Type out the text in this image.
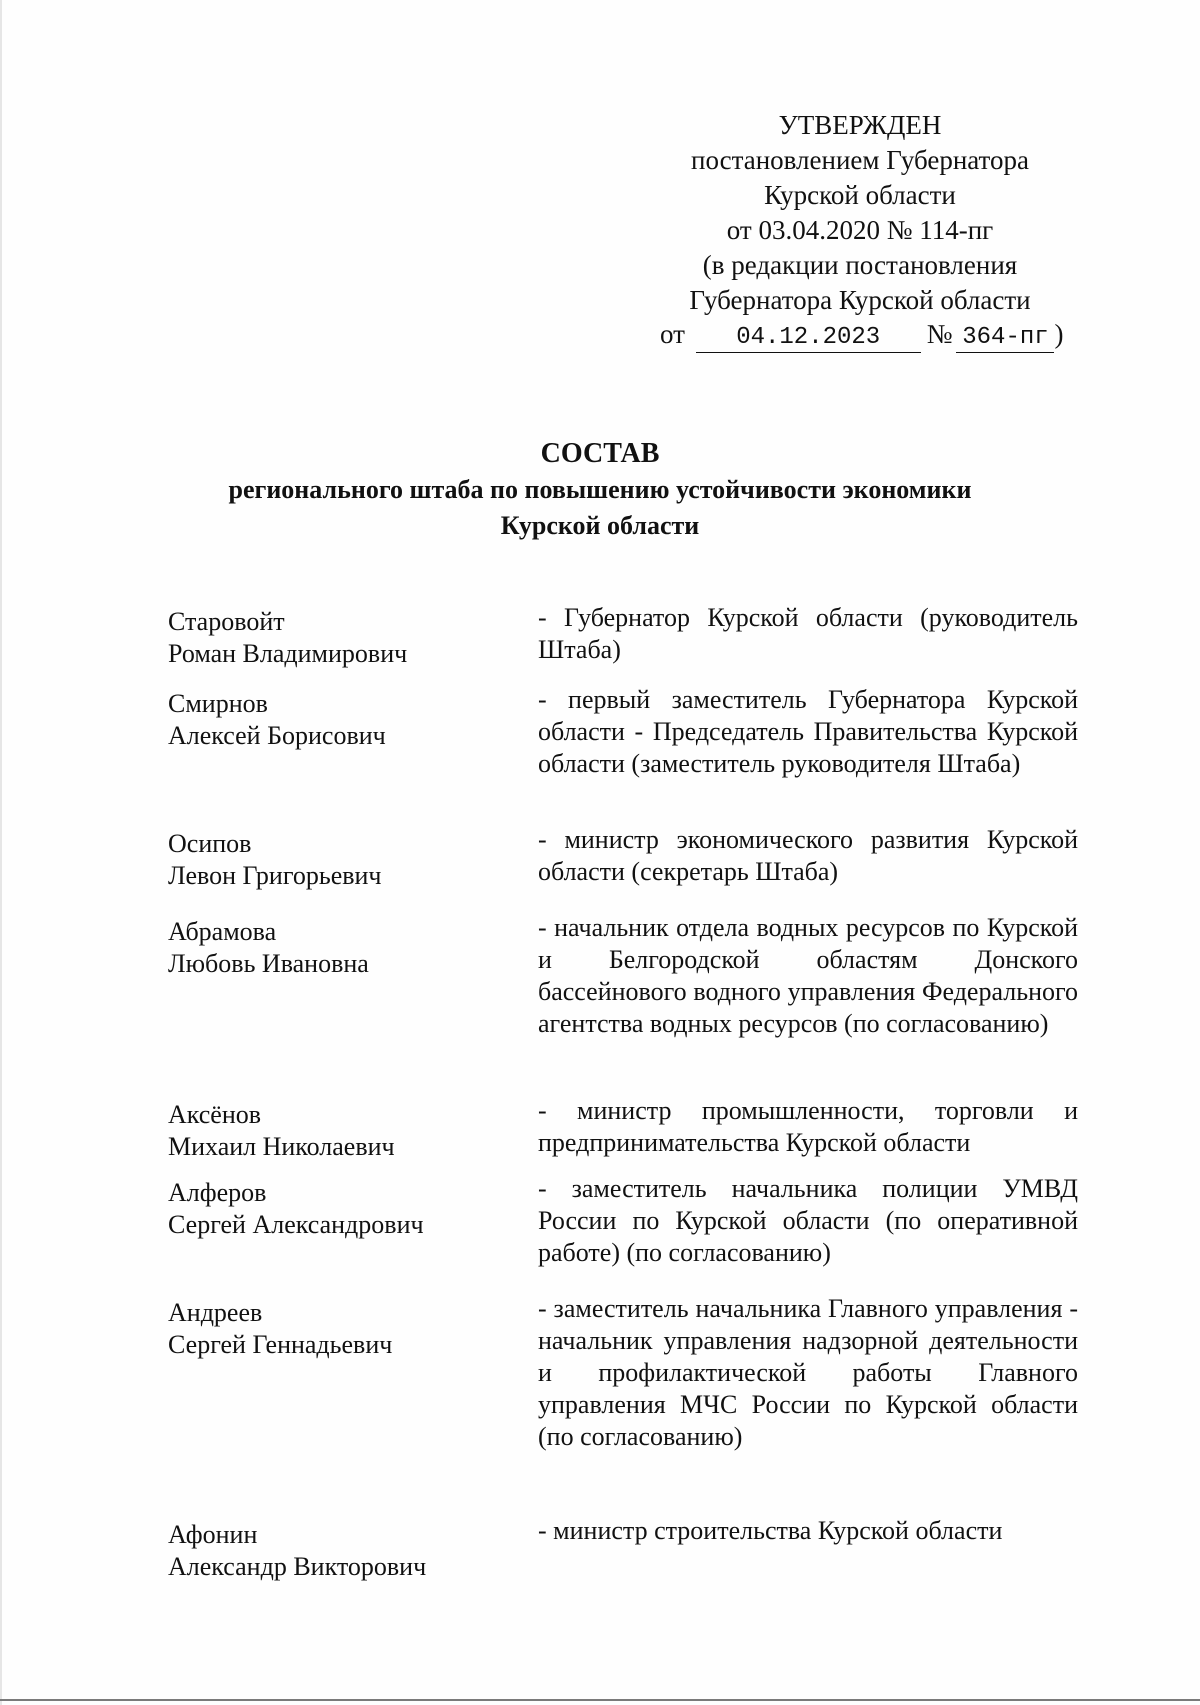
УТВЕРЖДЕН
постановлением Губернатора
Курской области
от 03.04.2020 № 114-пг
(в редакции постановления
Губернатора Курской области
от 04.12.2023 № 364-пг )
СОСТАВ
регионального штаба по повышению устойчивости экономики
Курской области
Старовойт
Роман Владимирович
- Губернатор Курской области (руководитель Штаба)
Смирнов
Алексей Борисович
- первый заместитель Губернатора Курской области - Председатель Правительства Курской области (заместитель руководителя Штаба)
Осипов
Левон Григорьевич
- министр экономического развития Курской области (секретарь Штаба)
Абрамова
Любовь Ивановна
- начальник отдела водных ресурсов по Курской и Белгородской областям Донского бассейнового водного управления Федерального агентства водных ресурсов (по согласованию)
Аксёнов
Михаил Николаевич
- министр промышленности, торговли и предпринимательства Курской области
Алферов
Сергей Александрович
- заместитель начальника полиции УМВД России по Курской области (по оперативной работе) (по согласованию)
Андреев
Сергей Геннадьевич
- заместитель начальника Главного управления - начальник управления надзорной деятельности и профилактической работы Главного управления МЧС России по Курской области (по согласованию)
Афонин
Александр Викторович
- министр строительства Курской области
